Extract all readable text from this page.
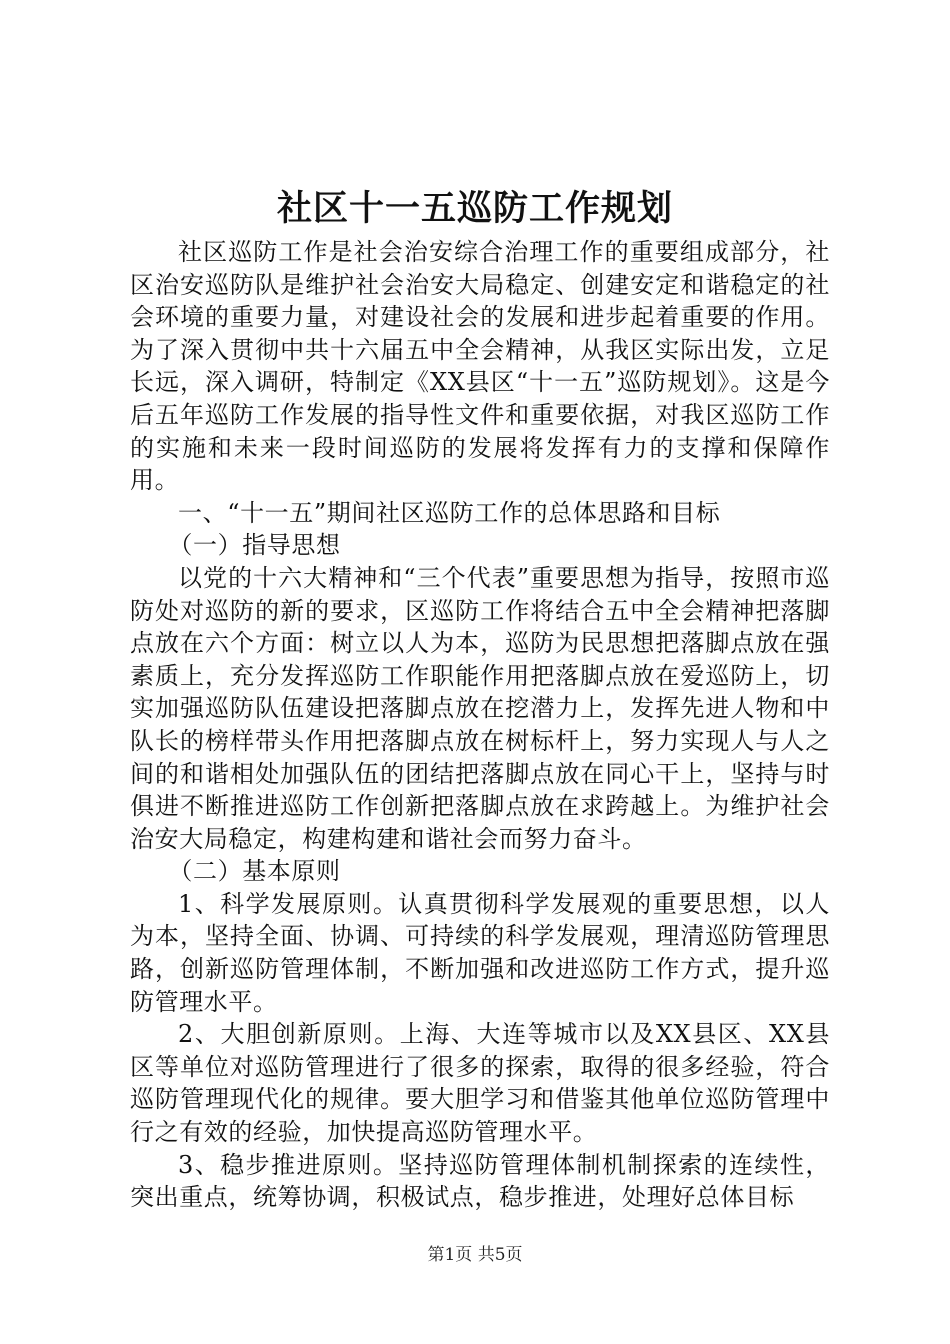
社区十一五巡防工作规划

社区巡防工作是社会治安综合治理工作的重要组成部分，社区治安巡防队是维护社会治安大局稳定、创建安定和谐稳定的社会环境的重要力量，对建设社会的发展和进步起着重要的作用。为了深入贯彻中共十六届五中全会精神，从我区实际出发，立足长远，深入调研，特制定《XX县区“十一五”巡防规划》。这是今后五年巡防工作发展的指导性文件和重要依据，对我区巡防工作的实施和未来一段时间巡防的发展将发挥有力的支撑和保障作用。

一、“十一五”期间社区巡防工作的总体思路和目标

（一）指导思想

以党的十六大精神和“三个代表”重要思想为指导，按照市巡防处对巡防的新的要求，区巡防工作将结合五中全会精神把落脚点放在六个方面：树立以人为本，巡防为民思想把落脚点放在强素质上，充分发挥巡防工作职能作用把落脚点放在爱巡防上，切实加强巡防队伍建设把落脚点放在挖潜力上，发挥先进人物和中队长的榜样带头作用把落脚点放在树标杆上，努力实现人与人之间的和谐相处加强队伍的团结把落脚点放在同心干上，坚持与时俱进不断推进巡防工作创新把落脚点放在求跨越上。为维护社会治安大局稳定，构建构建和谐社会而努力奋斗。

（二）基本原则

1、科学发展原则。认真贯彻科学发展观的重要思想，以人为本，坚持全面、协调、可持续的科学发展观，理清巡防管理思路，创新巡防管理体制，不断加强和改进巡防工作方式，提升巡防管理水平。

2、大胆创新原则。上海、大连等城市以及XX县区、XX县区等单位对巡防管理进行了很多的探索，取得的很多经验，符合巡防管理现代化的规律。要大胆学习和借鉴其他单位巡防管理中行之有效的经验，加快提高巡防管理水平。

3、稳步推进原则。坚持巡防管理体制机制探索的连续性，突出重点，统筹协调，积极试点，稳步推进，处理好总体目标

第1页 共5页
